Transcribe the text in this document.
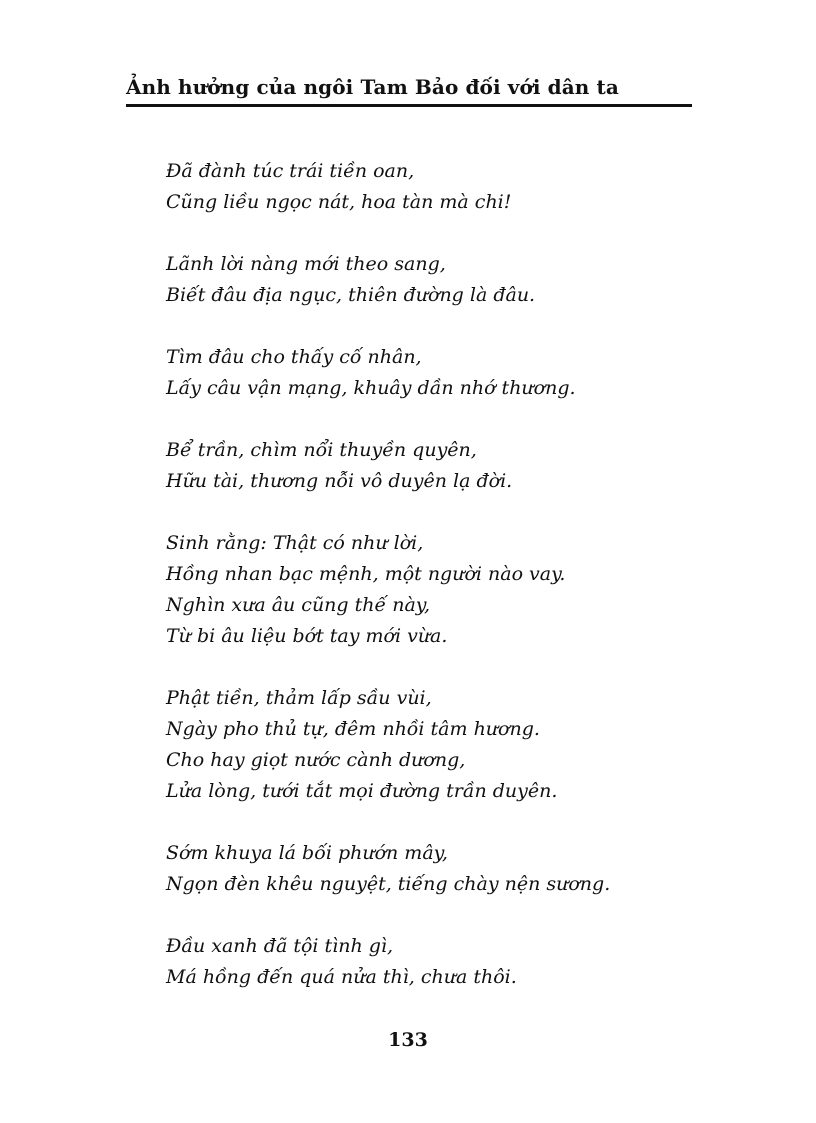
Ảnh hưởng của ngôi Tam Bảo đối với dân ta
Đã đành túc trái tiền oan,
Cũng liều ngọc nát, hoa tàn mà chi!
Lãnh lời nàng mới theo sang,
Biết đâu địa ngục, thiên đường là đâu.
Tìm đâu cho thấy cố nhân,
Lấy câu vận mạng, khuây dần nhớ thương.
Bể trần, chìm nổi thuyền quyên,
Hữu tài, thương nỗi vô duyên lạ đời.
Sinh rằng: Thật có như lời,
Hồng nhan bạc mệnh, một người nào vay.
Nghìn xưa âu cũng thế này,
Từ bi âu liệu bớt tay mới vừa.
Phật tiền, thảm lấp sầu vùi,
Ngày pho thủ tự, đêm nhồi tâm hương.
Cho hay giọt nước cành dương,
Lửa lòng, tưới tắt mọi đường trần duyên.
Sớm khuya lá bối phướn mây,
Ngọn đèn khêu nguyệt, tiếng chày nện sương.
Đầu xanh đã tội tình gì,
Má hồng đến quá nửa thì, chưa thôi.
133
